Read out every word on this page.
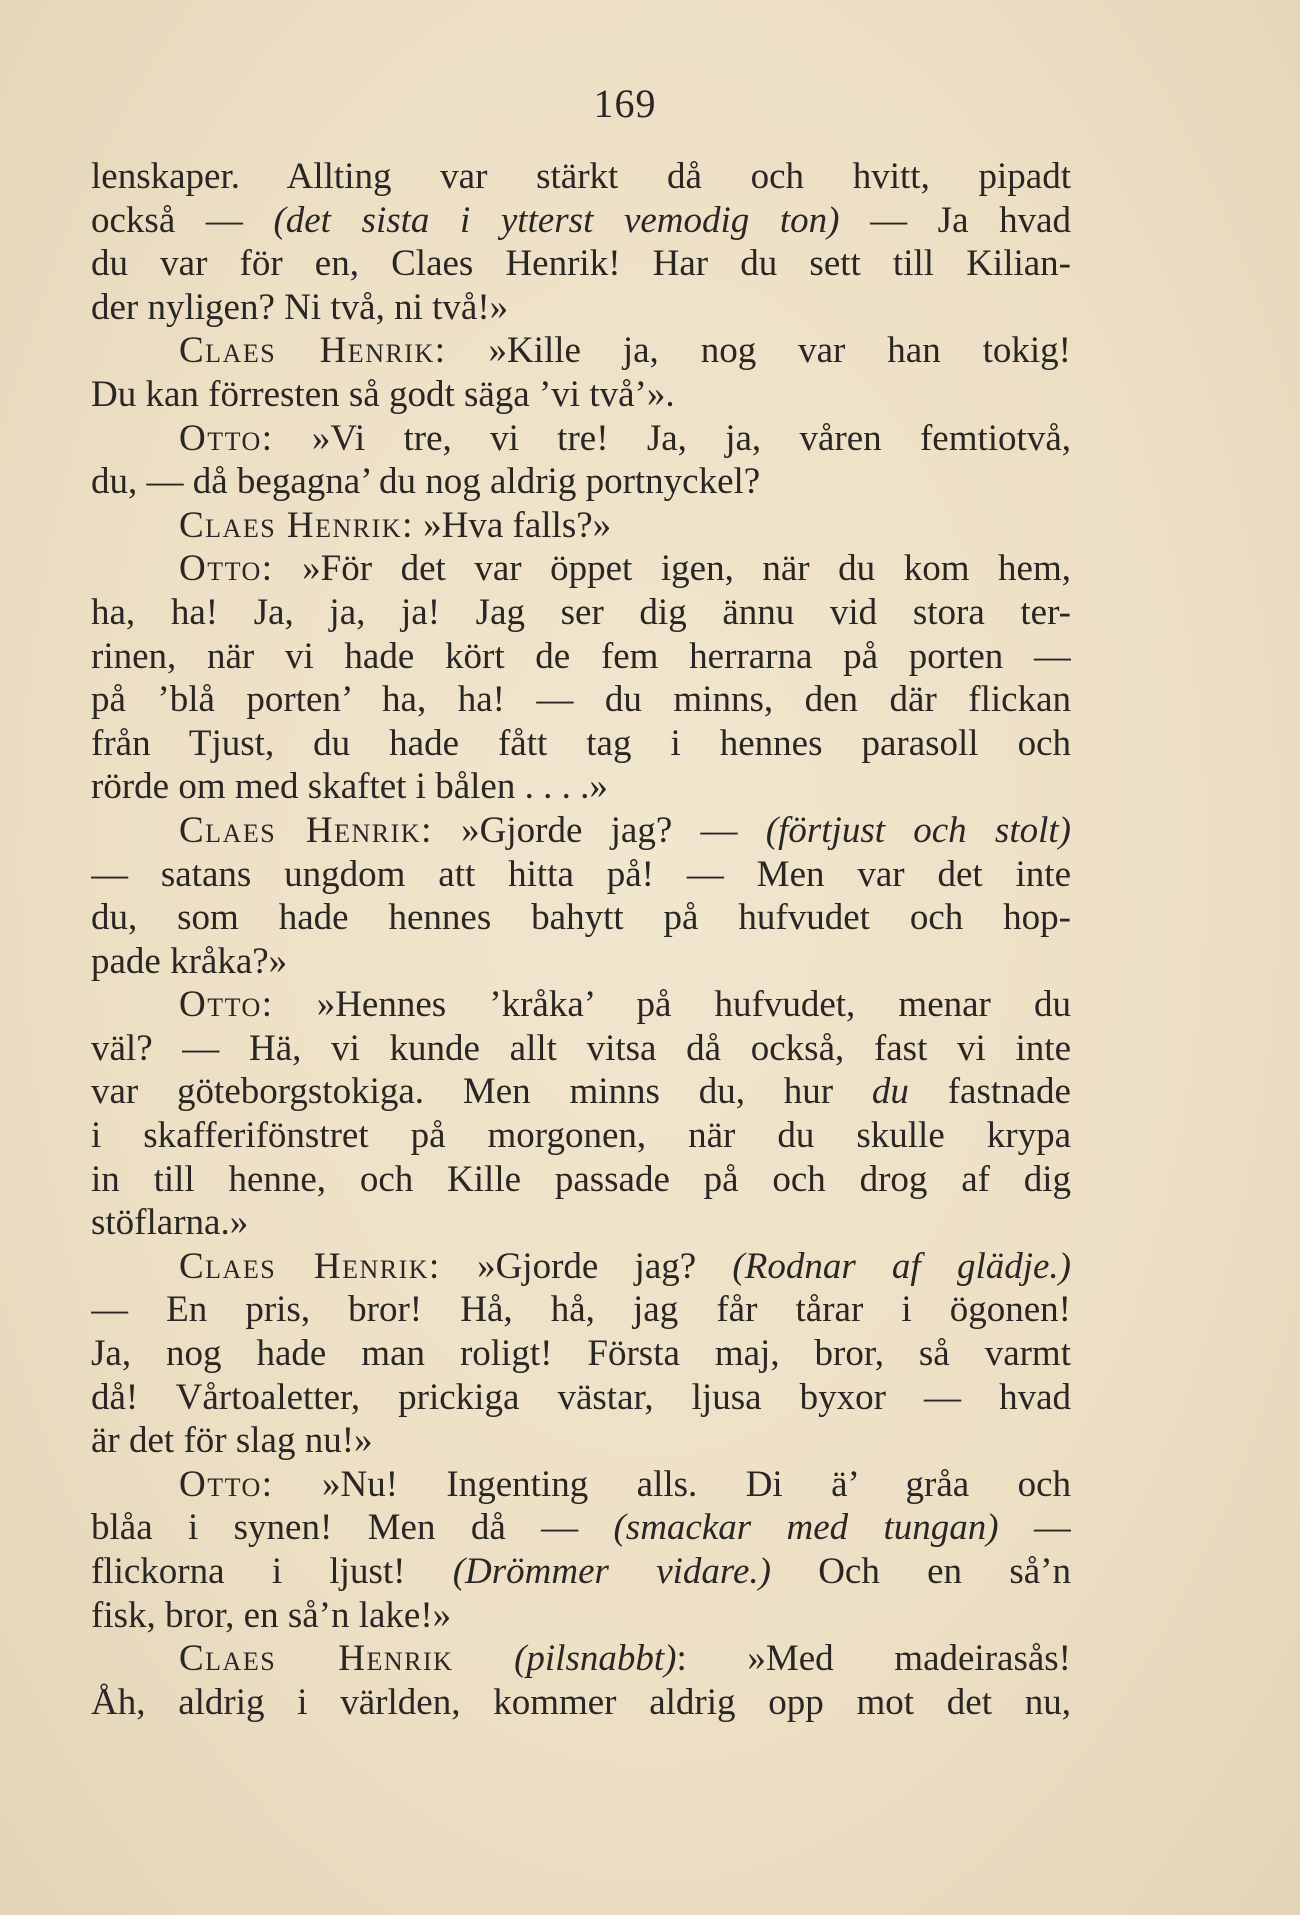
169
lenskaper. Allting var stärkt då och hvitt, pipadt
också — (det sista i ytterst vemodig ton) — Ja hvad
du var för en, Claes Henrik! Har du sett till Kilian-
der nyligen? Ni två, ni två!»
Claes Henrik: »Kille ja, nog var han tokig!
Du kan förresten så godt säga ’vi två’».
Otto: »Vi tre, vi tre! Ja, ja, våren femtiotvå,
du, — då begagna’ du nog aldrig portnyckel?
Claes Henrik: »Hva falls?»
Otto: »För det var öppet igen, när du kom hem,
ha, ha! Ja, ja, ja! Jag ser dig ännu vid stora ter-
rinen, när vi hade kört de fem herrarna på porten —
på ’blå porten’ ha, ha! — du minns, den där flickan
från Tjust, du hade fått tag i hennes parasoll och
rörde om med skaftet i bålen . . . .»
Claes Henrik: »Gjorde jag? — (förtjust och stolt)
— satans ungdom att hitta på! — Men var det inte
du, som hade hennes bahytt på hufvudet och hop-
pade kråka?»
Otto: »Hennes ’kråka’ på hufvudet, menar du
väl? — Hä, vi kunde allt vitsa då också, fast vi inte
var göteborgstokiga. Men minns du, hur du fastnade
i skafferifönstret på morgonen, när du skulle krypa
in till henne, och Kille passade på och drog af dig
stöflarna.»
Claes Henrik: »Gjorde jag? (Rodnar af glädje.)
— En pris, bror! Hå, hå, jag får tårar i ögonen!
Ja, nog hade man roligt! Första maj, bror, så varmt
då! Vårtoaletter, prickiga västar, ljusa byxor — hvad
är det för slag nu!»
Otto: »Nu! Ingenting alls. Di ä’ gråa och
blåa i synen! Men då — (smackar med tungan) —
flickorna i ljust! (Drömmer vidare.) Och en så’n
fisk, bror, en så’n lake!»
Claes Henrik (pilsnabbt): »Med madeirasås!
Åh, aldrig i världen, kommer aldrig opp mot det nu,
